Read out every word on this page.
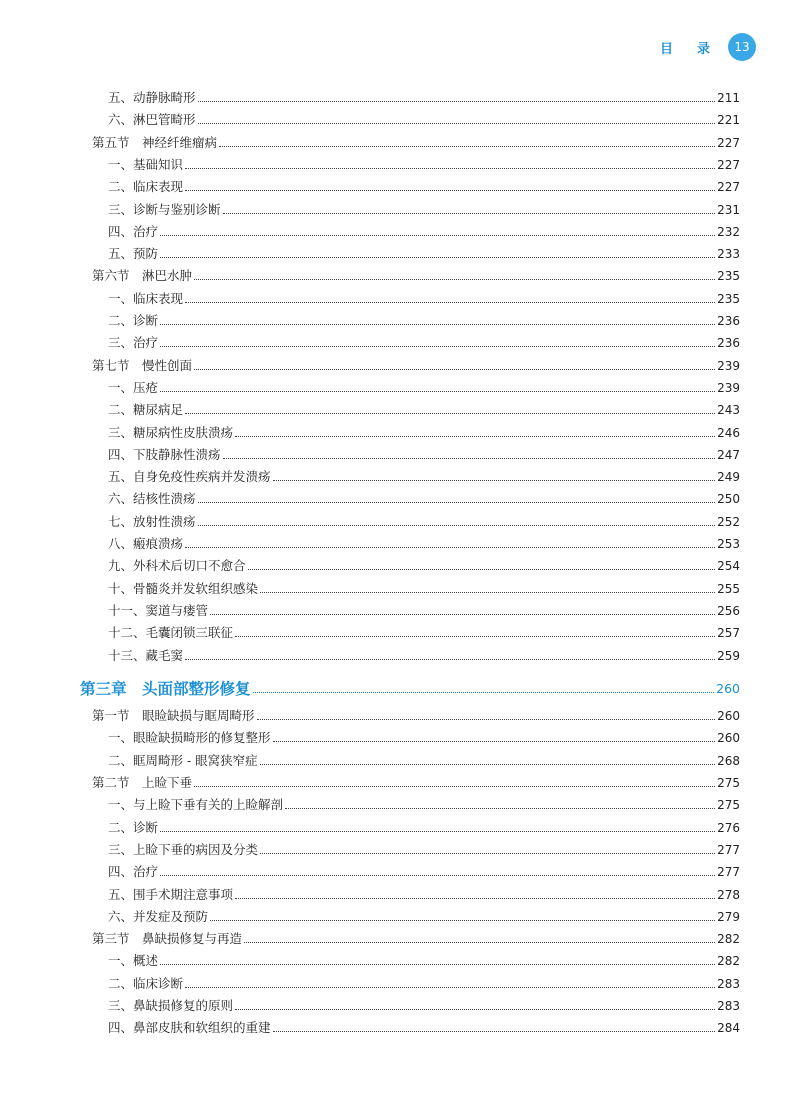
目 录	13
五、动静脉畸形	211
六、淋巴管畸形	221
第五节　神经纤维瘤病	227
一、基础知识	227
二、临床表现	227
三、诊断与鉴别诊断	231
四、治疗	232
五、预防	233
第六节　淋巴水肿	235
一、临床表现	235
二、诊断	236
三、治疗	236
第七节　慢性创面	239
一、压疮	239
二、糖尿病足	243
三、糖尿病性皮肤溃疡	246
四、下肢静脉性溃疡	247
五、自身免疫性疾病并发溃疡	249
六、结核性溃疡	250
七、放射性溃疡	252
八、瘢痕溃疡	253
九、外科术后切口不愈合	254
十、骨髓炎并发软组织感染	255
十一、窦道与瘘管	256
十二、毛囊闭锁三联征	257
十三、藏毛窦	259
第三章　头面部整形修复	260
第一节　眼睑缺损与眶周畸形	260
一、眼睑缺损畸形的修复整形	260
二、眶周畸形 - 眼窝狭窄症	268
第二节　上睑下垂	275
一、与上睑下垂有关的上睑解剖	275
二、诊断	276
三、上睑下垂的病因及分类	277
四、治疗	277
五、围手术期注意事项	278
六、并发症及预防	279
第三节　鼻缺损修复与再造	282
一、概述	282
二、临床诊断	283
三、鼻缺损修复的原则	283
四、鼻部皮肤和软组织的重建	284
